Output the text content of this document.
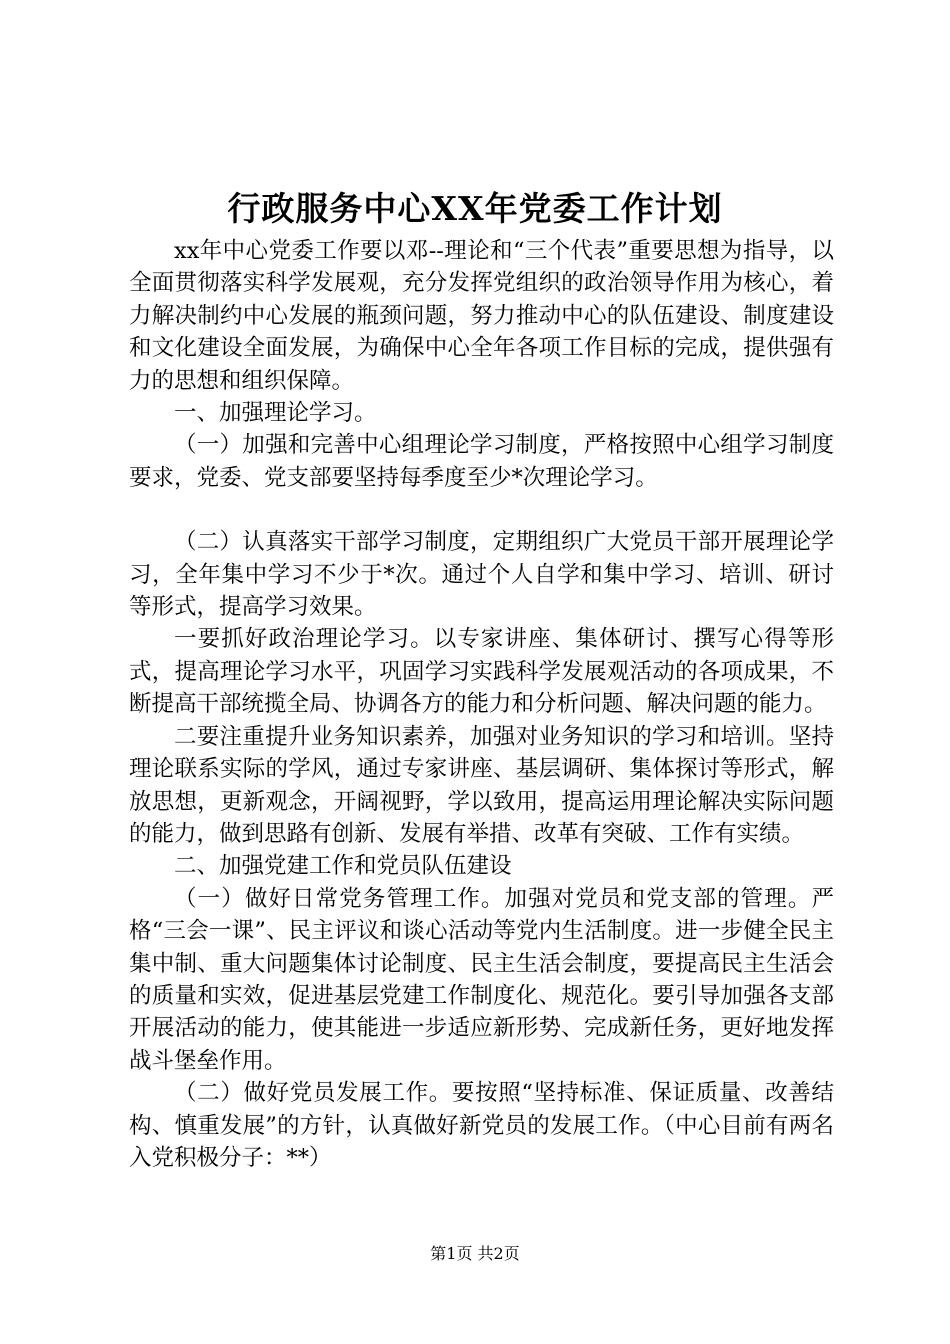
行政服务中心XX年党委工作计划

xx年中心党委工作要以邓--理论和“三个代表”重要思想为指导，以全面贯彻落实科学发展观，充分发挥党组织的政治领导作用为核心，着力解决制约中心发展的瓶颈问题，努力推动中心的队伍建设、制度建设和文化建设全面发展，为确保中心全年各项工作目标的完成，提供强有力的思想和组织保障。

一、加强理论学习。

（一）加强和完善中心组理论学习制度，严格按照中心组学习制度要求，党委、党支部要坚持每季度至少*次理论学习。

（二）认真落实干部学习制度，定期组织广大党员干部开展理论学习，全年集中学习不少于*次。通过个人自学和集中学习、培训、研讨等形式，提高学习效果。

一要抓好政治理论学习。以专家讲座、集体研讨、撰写心得等形式，提高理论学习水平，巩固学习实践科学发展观活动的各项成果，不断提高干部统揽全局、协调各方的能力和分析问题、解决问题的能力。

二要注重提升业务知识素养，加强对业务知识的学习和培训。坚持理论联系实际的学风，通过专家讲座、基层调研、集体探讨等形式，解放思想，更新观念，开阔视野，学以致用，提高运用理论解决实际问题的能力，做到思路有创新、发展有举措、改革有突破、工作有实绩。

二、加强党建工作和党员队伍建设

（一）做好日常党务管理工作。加强对党员和党支部的管理。严格“三会一课”、民主评议和谈心活动等党内生活制度。进一步健全民主集中制、重大问题集体讨论制度、民主生活会制度，要提高民主生活会的质量和实效，促进基层党建工作制度化、规范化。要引导加强各支部开展活动的能力，使其能进一步适应新形势、完成新任务，更好地发挥战斗堡垒作用。

（二）做好党员发展工作。要按照“坚持标准、保证质量、改善结构、慎重发展”的方针，认真做好新党员的发展工作。（中心目前有两名入党积极分子：**）

第1页 共2页
